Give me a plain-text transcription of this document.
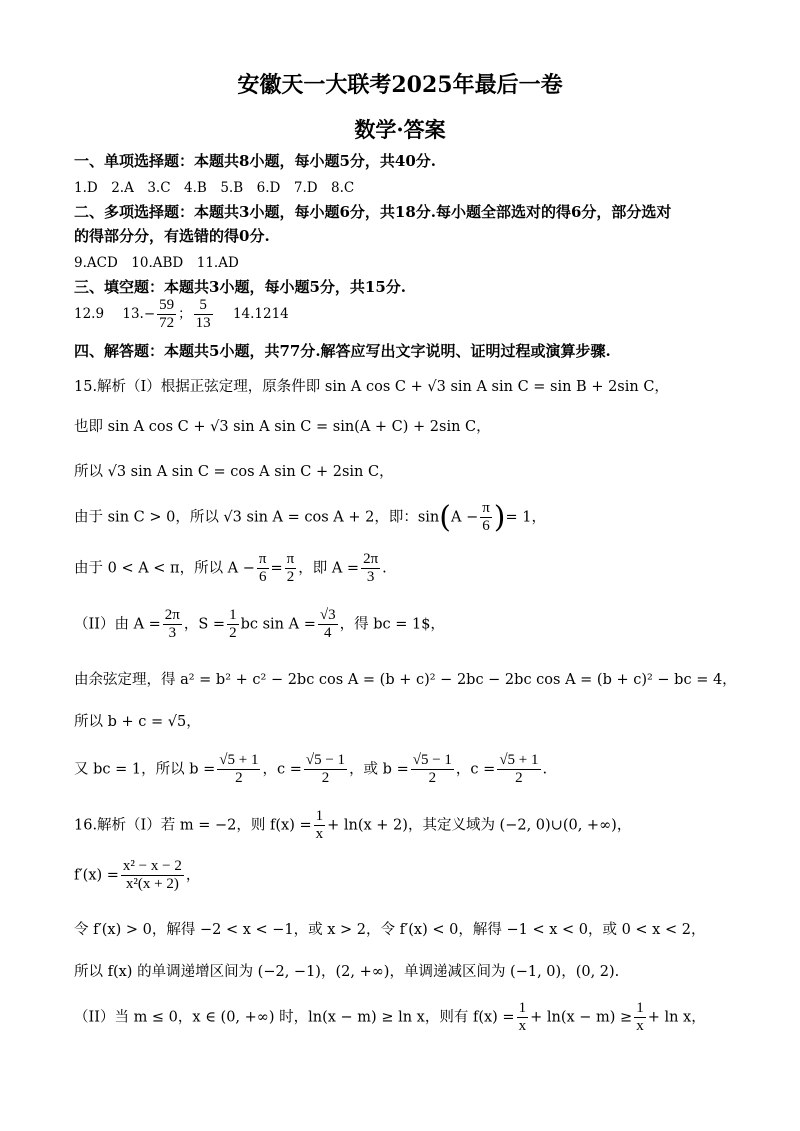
安徽天一大联考2025年最后一卷
数学·答案
一、单项选择题：本题共8小题，每小题5分，共40分.
1.D　2.A　3.C　4.B　5.B　6.D　7.D　8.C
二、多项选择题：本题共3小题，每小题6分，共18分.每小题全部选对的得6分，部分选对
的得部分分，有选错的得0分.
9.ACD　10.ABD　11.AD
三、填空题：本题共3小题，每小题5分，共15分.
12.9 $13.- \frac{59}{72}$ ； $\frac{5}{13} 14.1214$
四、解答题：本题共5小题，共77分.解答应写出文字说明、证明过程或演算步骤.
15.解析（I）根据正弦定理，原条件即 sin A cos C + √3 sin A sin C = sin B + 2sin C，
也即 sin A cos C + √3 sin A sin C = sin(A + C) + 2sin C，
所以 √3 sin A sin C = cos A sin C + 2sin C，
由于 sin C > 0，所以 √3 sin A = cos A + 2，即：$\sin(A - \frac{\pi}{6}$ )= 1，
由于 0 < A < π，所以 $A - \frac{\pi}{6} = \frac{\pi}{2}$ ，即 $A = \frac{2\pi}{3}$ .
（II）由 $A = \frac{2\pi}{3}$ ，$S = \frac{1}{2}$ bc $\sin A = \frac{√3}{4}$ ，得 bc = 1$，
由余弦定理，得 a² = b² + c² − 2bc cos A = (b + c)² − 2bc − 2bc cos A = (b + c)² − bc = 4，
所以 b + c = √5，
又 bc = 1，所以 $b = \frac{√5 + 1}{2}$ ，$c = \frac{√5 - 1}{2}$ ，或 $b = \frac{√5 - 1}{2}$ ，$c = \frac{√5 + 1}{2}$ .
16.解析（I）若 m = −2，则 $f(x) = \frac{1}{x} + \ln(x + 2)$，其定义域为 (−2, 0)∪(0, +∞)，
$f'(x) = \frac{\text{x² − x − 2}}{\text{x²(x + 2)}}$ ，
令 f′(x) > 0，解得 −2 < x < −1，或 x > 2，令 f′(x) < 0，解得 −1 < x < 0，或 0 < x < 2，
所以 f(x) 的单调递增区间为 (−2, −1)，(2, +∞)，单调递减区间为 (−1, 0)，(0, 2).
（II）当 m ≤ 0，x ∈ (0, +∞) 时，ln(x − m) ≥ ln x，则有 $f(x) = \frac{1}{x} + \ln(x - m) \ge \frac{1}{x} + \ln x$，
